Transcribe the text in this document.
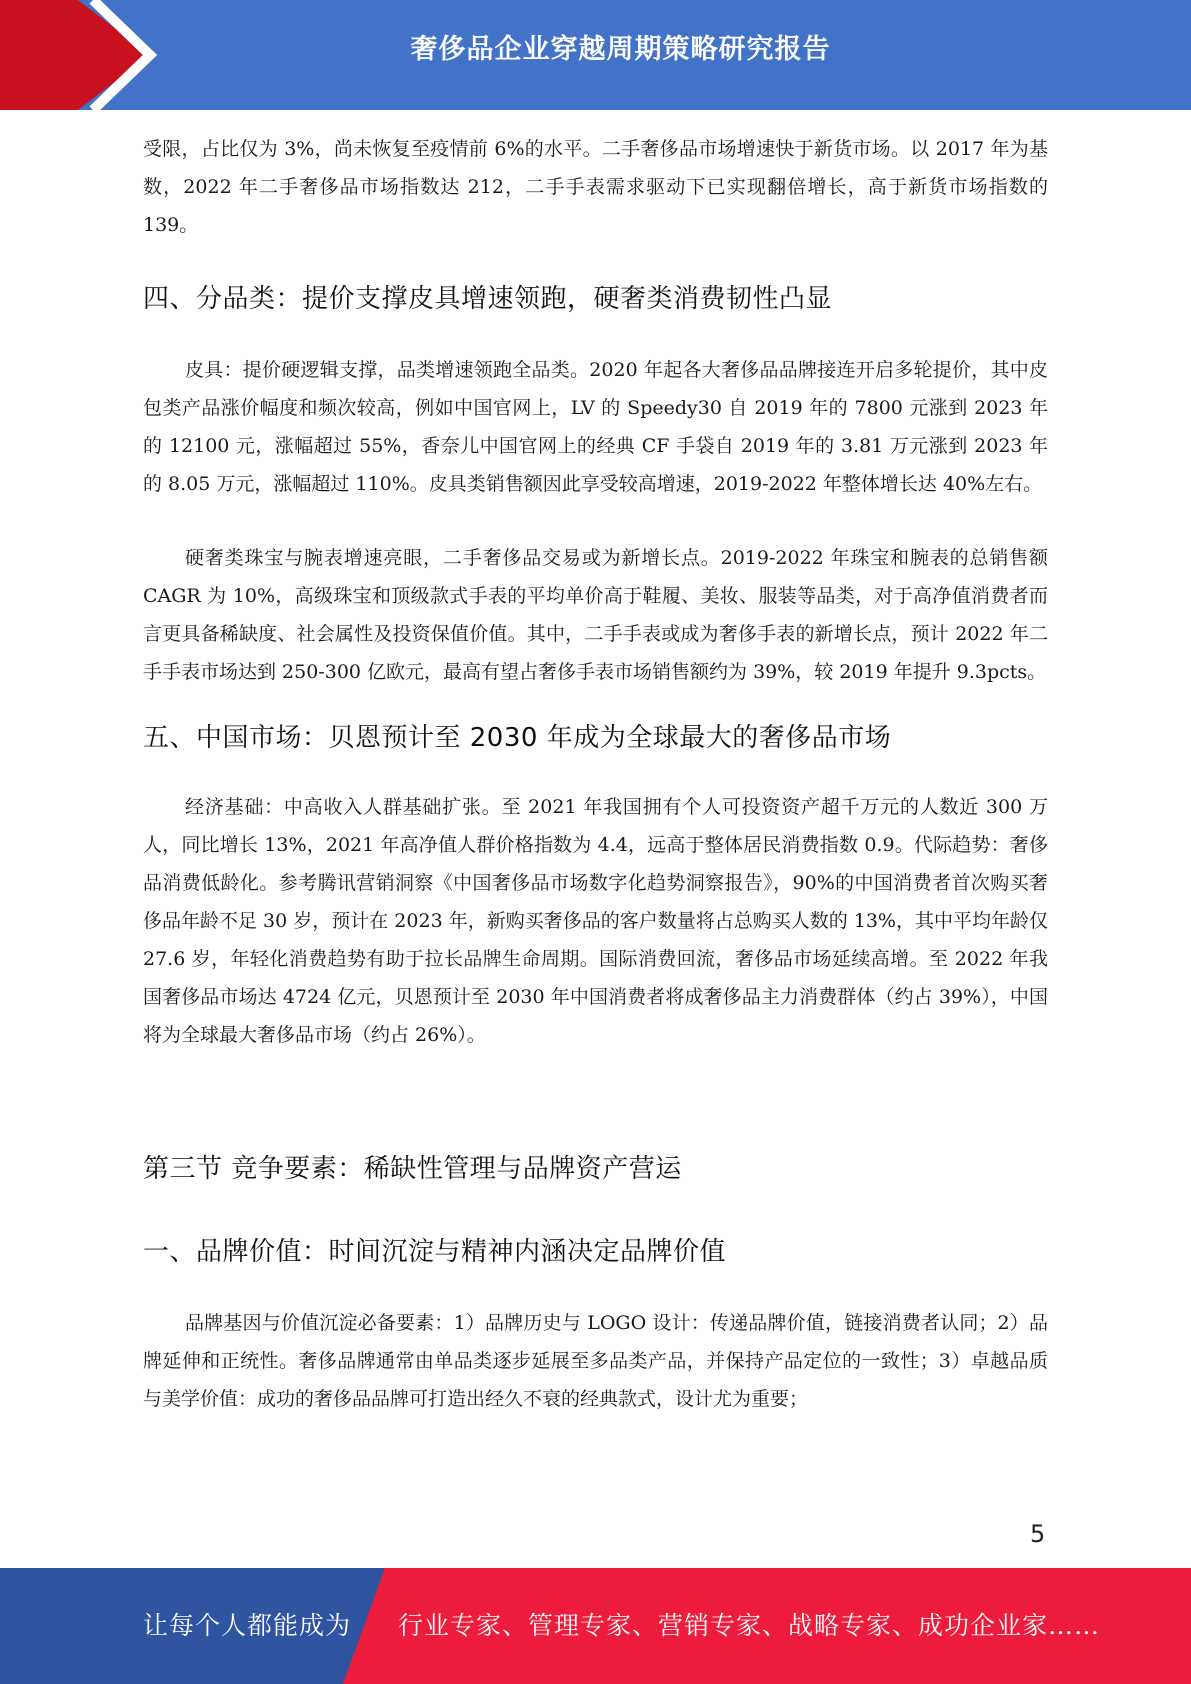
奢侈品企业穿越周期策略研究报告

受限，占比仅为 3%，尚未恢复至疫情前 6%的水平。二手奢侈品市场增速快于新货市场。以 2017 年为基数，2022 年二手奢侈品市场指数达 212，二手手表需求驱动下已实现翻倍增长，高于新货市场指数的 139。

四、分品类：提价支撑皮具增速领跑，硬奢类消费韧性凸显

皮具：提价硬逻辑支撑，品类增速领跑全品类。2020 年起各大奢侈品品牌接连开启多轮提价，其中皮包类产品涨价幅度和频次较高，例如中国官网上，LV 的 Speedy30 自 2019 年的 7800 元涨到 2023 年的 12100 元，涨幅超过 55%，香奈儿中国官网上的经典 CF 手袋自 2019 年的 3.81 万元涨到 2023 年的 8.05 万元，涨幅超过 110%。皮具类销售额因此享受较高增速，2019-2022 年整体增长达 40%左右。

硬奢类珠宝与腕表增速亮眼，二手奢侈品交易或为新增长点。2019-2022 年珠宝和腕表的总销售额 CAGR 为 10%，高级珠宝和顶级款式手表的平均单价高于鞋履、美妆、服装等品类，对于高净值消费者而言更具备稀缺度、社会属性及投资保值价值。其中，二手手表或成为奢侈手表的新增长点，预计 2022 年二手手表市场达到 250-300 亿欧元，最高有望占奢侈手表市场销售额约为 39%，较 2019 年提升 9.3pcts。

五、中国市场：贝恩预计至 2030 年成为全球最大的奢侈品市场

经济基础：中高收入人群基础扩张。至 2021 年我国拥有个人可投资资产超千万元的人数近 300 万人，同比增长 13%，2021 年高净值人群价格指数为 4.4，远高于整体居民消费指数 0.9。代际趋势：奢侈品消费低龄化。参考腾讯营销洞察《中国奢侈品市场数字化趋势洞察报告》，90%的中国消费者首次购买奢侈品年龄不足 30 岁，预计在 2023 年，新购买奢侈品的客户数量将占总购买人数的 13%，其中平均年龄仅 27.6 岁，年轻化消费趋势有助于拉长品牌生命周期。国际消费回流，奢侈品市场延续高增。至 2022 年我国奢侈品市场达 4724 亿元，贝恩预计至 2030 年中国消费者将成奢侈品主力消费群体（约占 39%），中国将为全球最大奢侈品市场（约占 26%）。

第三节 竞争要素：稀缺性管理与品牌资产营运
一、品牌价值：时间沉淀与精神内涵决定品牌价值

品牌基因与价值沉淀必备要素：1）品牌历史与 LOGO 设计：传递品牌价值，链接消费者认同；2）品牌延伸和正统性。奢侈品牌通常由单品类逐步延展至多品类产品，并保持产品定位的一致性；3）卓越品质与美学价值：成功的奢侈品品牌可打造出经久不衰的经典款式，设计尤为重要；

5
让每个人都能成为 行业专家、管理专家、营销专家、战略专家、成功企业家……
